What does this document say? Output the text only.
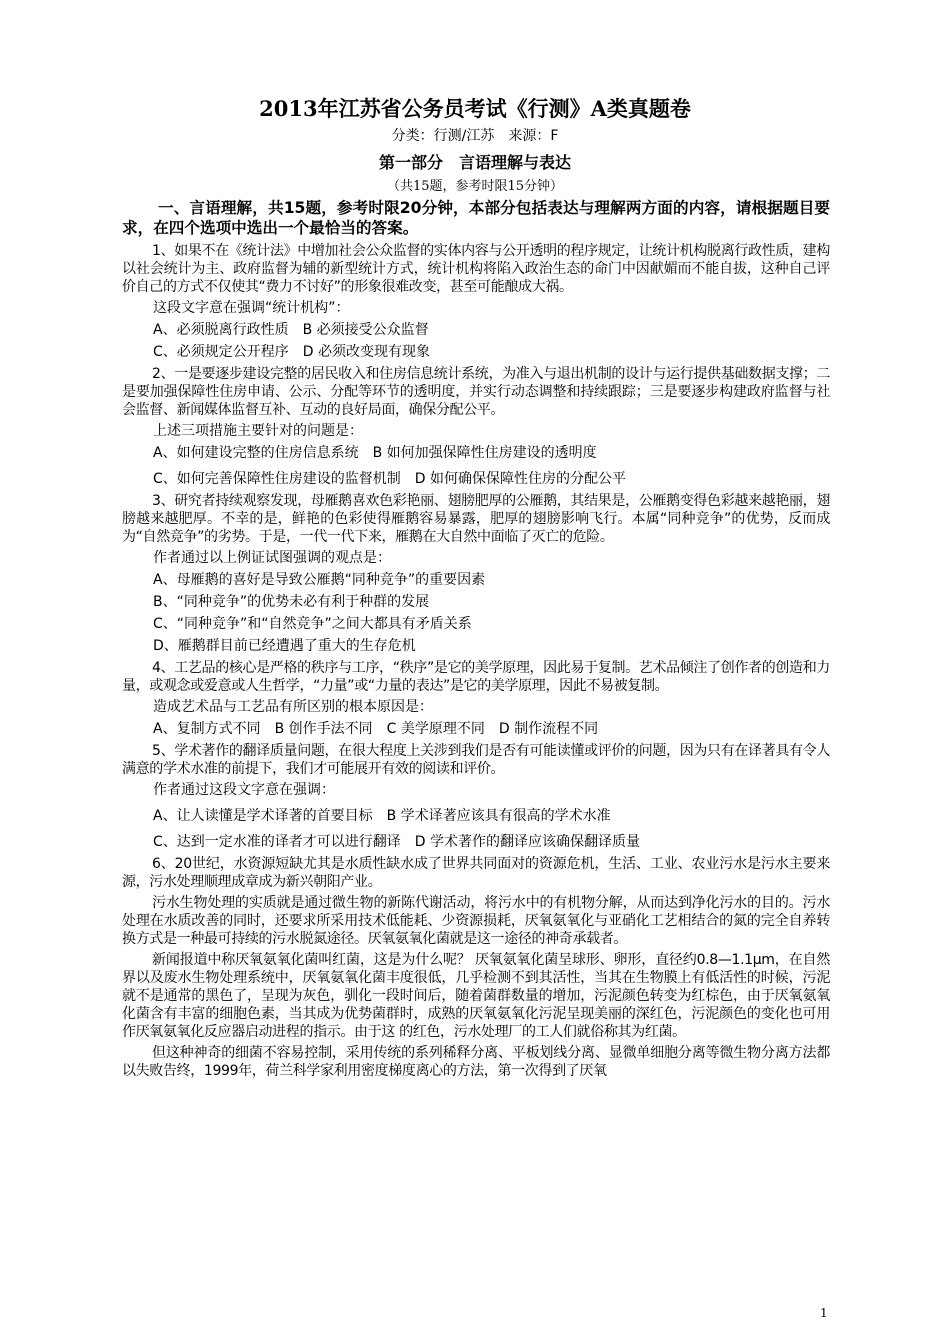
2013年江苏省公务员考试《行测》A类真题卷
分类：行测/江苏　来源：F
第一部分　言语理解与表达
（共15题，参考时限15分钟）

一、言语理解，共15题，参考时限20分钟，本部分包括表达与理解两方面的内容，请根据题目要求，在四个选项中选出一个最恰当的答案。

1、如果不在《统计法》中增加社会公众监督的实体内容与公开透明的程序规定，让统计机构脱离行政性质，建构以社会统计为主、政府监督为辅的新型统计方式，统计机构将陷入政治生态的命门中因献媚而不能自拔，这种自己评价自己的方式不仅使其“费力不讨好”的形象很难改变，甚至可能酿成大祸。

这段文字意在强调“统计机构”：

A、必须脱离行政性质　B 必须接受公众监督

C、必须规定公开程序　D 必须改变现有现象

2、一是要逐步建设完整的居民收入和住房信息统计系统，为准入与退出机制的设计与运行提供基础数据支撑；二是要加强保障性住房申请、公示、分配等环节的透明度，并实行动态调整和持续跟踪；三是要逐步构建政府监督与社会监督、新闻媒体监督互补、互动的良好局面，确保分配公平。

上述三项措施主要针对的问题是：

A、如何建设完整的住房信息系统　B 如何加强保障性住房建设的透明度

C、如何完善保障性住房建设的监督机制　D 如何确保保障性住房的分配公平

3、研究者持续观察发现，母雁鹅喜欢色彩艳丽、翅膀肥厚的公雁鹅，其结果是，公雁鹅变得色彩越来越艳丽，翅膀越来越肥厚。不幸的是，鲜艳的色彩使得雁鹅容易暴露，肥厚的翅膀影响飞行。本属“同种竞争”的优势，反而成为“自然竞争”的劣势。于是，一代一代下来，雁鹅在大自然中面临了灭亡的危险。

作者通过以上例证试图强调的观点是：

A、母雁鹅的喜好是导致公雁鹅“同种竞争”的重要因素

B、“同种竞争”的优势未必有利于种群的发展

C、“同种竞争”和“自然竞争”之间大都具有矛盾关系

D、雁鹅群目前已经遭遇了重大的生存危机

4、工艺品的核心是严格的秩序与工序，“秩序”是它的美学原理，因此易于复制。艺术品倾注了创作者的创造和力量，或观念或爱意或人生哲学，“力量”或“力量的表达”是它的美学原理，因此不易被复制。

造成艺术品与工艺品有所区别的根本原因是：

A、复制方式不同　B 创作手法不同　C 美学原理不同　D 制作流程不同

5、学术著作的翻译质量问题，在很大程度上关涉到我们是否有可能读懂或评价的问题，因为只有在译著具有令人满意的学术水准的前提下，我们才可能展开有效的阅读和评价。

作者通过这段文字意在强调：

A、让人读懂是学术译著的首要目标　B 学术译著应该具有很高的学术水准

C、达到一定水准的译者才可以进行翻译　D 学术著作的翻译应该确保翻译质量

6、20世纪，水资源短缺尤其是水质性缺水成了世界共同面对的资源危机，生活、工业、农业污水是污水主要来源，污水处理顺理成章成为新兴朝阳产业。

污水生物处理的实质就是通过微生物的新陈代谢活动，将污水中的有机物分解，从而达到净化污水的目的。污水处理在水质改善的同时，还要求所采用技术低能耗、少资源损耗，厌氧氨氧化与亚硝化工艺相结合的氮的完全自养转换方式是一种最可持续的污水脱氮途径。厌氧氨氧化菌就是这一途径的神奇承载者。

新闻报道中称厌氧氨氧化菌叫红菌，这是为什么呢？ 厌氧氨氧化菌呈球形、卵形，直径约0.8—1.1μm，在自然界以及废水生物处理系统中，厌氧氨氧化菌丰度很低，几乎检测不到其活性，当其在生物膜上有低活性的时候，污泥就不是通常的黑色了，呈现为灰色，驯化一段时间后，随着菌群数量的增加，污泥颜色转变为红棕色，由于厌氧氨氧化菌含有丰富的细胞色素，当其成为优势菌群时，成熟的厌氧氨氧化污泥呈现美丽的深红色，污泥颜色的变化也可用作厌氧氨氧化反应器启动进程的指示。由于这 的红色，污水处理厂的工人们就俗称其为红菌。

但这种神奇的细菌不容易控制，采用传统的系列稀释分离、平板划线分离、显微单细胞分离等微生物分离方法都以失败告终，1999年，荷兰科学家利用密度梯度离心的方法，第一次得到了厌氧

1
